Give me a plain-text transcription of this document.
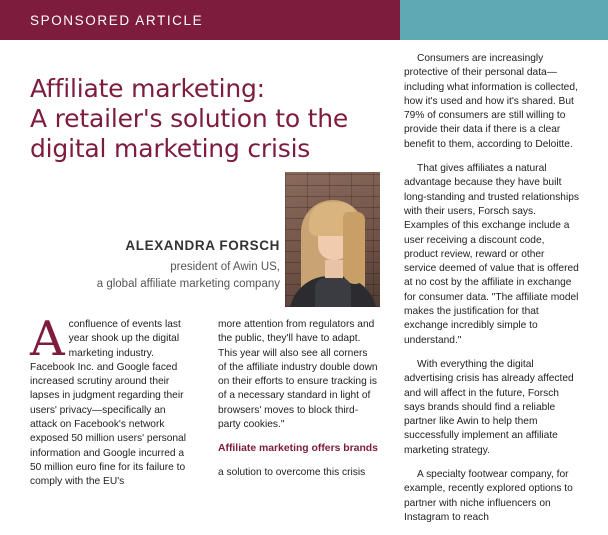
SPONSORED ARTICLE
Affiliate marketing:
A retailer's solution to the
digital marketing crisis
ALEXANDRA FORSCH
president of Awin US,
a global affiliate marketing company

Aconfluence of events last year shook up the digital marketing industry. Facebook Inc. and Google faced increased scrutiny around their lapses in judgment regarding their users' privacy—specifically an attack on Facebook's network exposed 50 million users' personal information and Google incurred a 50 million euro fine for its failure to comply with the EU's

more attention from regulators and the public, they'll have to adapt. This year will also see all corners of the affiliate industry double down on their efforts to ensure tracking is of a necessary standard in light of browsers' moves to block third-party cookies."

Affiliate marketing offers brands

a solution to overcome this crisis

Consumers are increasingly protective of their personal data—including what information is collected, how it's used and how it's shared. But 79% of consumers are still willing to provide their data if there is a clear benefit to them, according to Deloitte.

That gives affiliates a natural advantage because they have built long-standing and trusted relationships with their users, Forsch says. Examples of this exchange include a user receiving a discount code, product review, reward or other service deemed of value that is offered at no cost by the affiliate in exchange for consumer data. "The affiliate model makes the justification for that exchange incredibly simple to understand."

With everything the digital advertising crisis has already affected and will affect in the future, Forsch says brands should find a reliable partner like Awin to help them successfully implement an affiliate marketing strategy.

A specialty footwear company, for example, recently explored options to partner with niche influencers on Instagram to reach
